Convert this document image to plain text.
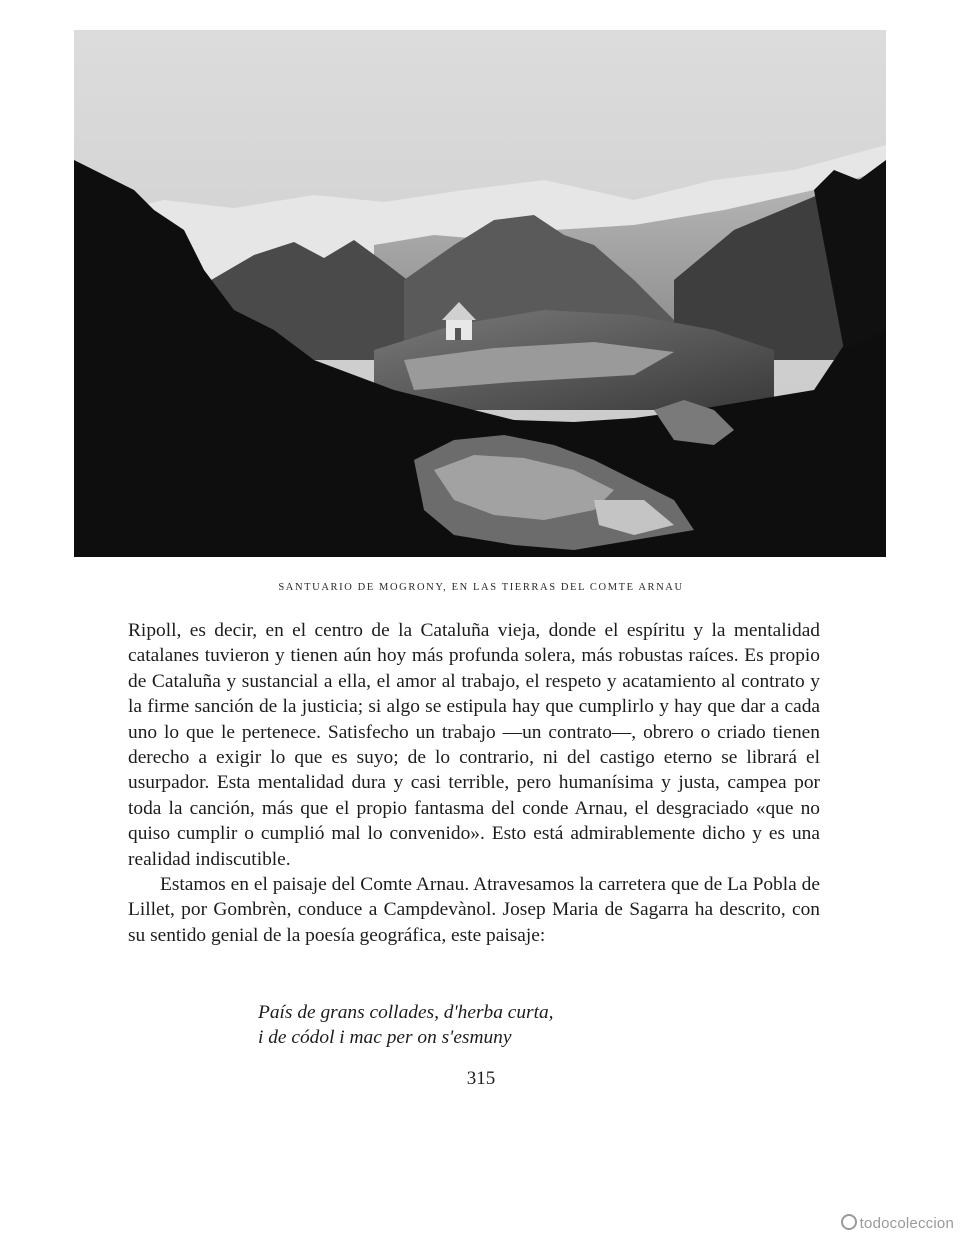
SANTUARIO DE MOGRONY, EN LAS TIERRAS DEL COMTE ARNAU

Ripoll, es decir, en el centro de la Cataluña vieja, donde el espíritu y la mentalidad catalanes tuvieron y tienen aún hoy más profunda solera, más robustas raíces. Es propio de Cataluña y sustancial a ella, el amor al trabajo, el respeto y acatamiento al contrato y la firme sanción de la justicia; si algo se estipula hay que cumplirlo y hay que dar a cada uno lo que le pertenece. Satisfecho un trabajo —un contrato—, obrero o criado tienen derecho a exigir lo que es suyo; de lo contrario, ni del castigo eterno se librará el usurpador. Esta mentalidad dura y casi terrible, pero humanísima y justa, campea por toda la canción, más que el propio fantasma del conde Arnau, el desgraciado «que no quiso cumplir o cumplió mal lo convenido». Esto está admirablemente dicho y es una realidad indiscutible.

Estamos en el paisaje del Comte Arnau. Atravesamos la carretera que de La Pobla de Lillet, por Gombrèn, conduce a Campdevànol. Josep Maria de Sagarra ha descrito, con su sentido genial de la poesía geográfica, este paisaje:

País de grans collades, d'herba curta,
i de códol i mac per on s'esmuny
315
todocoleccion
